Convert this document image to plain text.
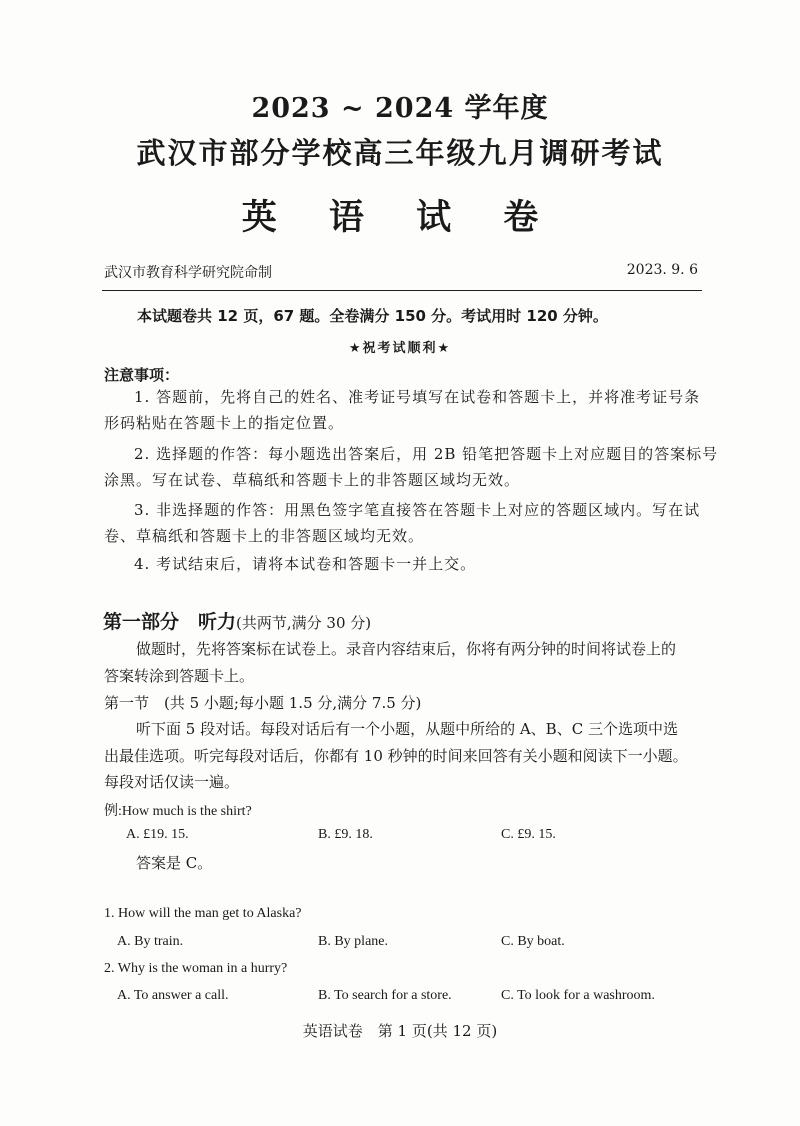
2023 ~ 2024 学年度
武汉市部分学校高三年级九月调研考试
英 语 试 卷
武汉市教育科学研究院命制	2023. 9. 6
本试题卷共 12 页，67 题。全卷满分 150 分。考试用时 120 分钟。
★祝考试顺利★
注意事项：
1. 答题前，先将自己的姓名、准考证号填写在试卷和答题卡上，并将准考证号条
形码粘贴在答题卡上的指定位置。
2. 选择题的作答：每小题选出答案后，用 2B 铅笔把答题卡上对应题目的答案标号
涂黑。写在试卷、草稿纸和答题卡上的非答题区域均无效。
3. 非选择题的作答：用黑色签字笔直接答在答题卡上对应的答题区域内。写在试
卷、草稿纸和答题卡上的非答题区域均无效。
4. 考试结束后，请将本试卷和答题卡一并上交。
第一部分　听力(共两节,满分 30 分)
做题时，先将答案标在试卷上。录音内容结束后，你将有两分钟的时间将试卷上的
答案转涂到答题卡上。
第一节　(共 5 小题;每小题 1.5 分,满分 7.5 分)
听下面 5 段对话。每段对话后有一个小题，从题中所给的 A、B、C 三个选项中选
出最佳选项。听完每段对话后，你都有 10 秒钟的时间来回答有关小题和阅读下一小题。
每段对话仅读一遍。
例:How much is the shirt?
A. £19. 15.	B. £9. 18.	C. £9. 15.
答案是 C。
1. How will the man get to Alaska?
A. By train.	B. By plane.	C. By boat.
2. Why is the woman in a hurry?
A. To answer a call.	B. To search for a store.	C. To look for a washroom.
英语试卷　第 1 页(共 12 页)
